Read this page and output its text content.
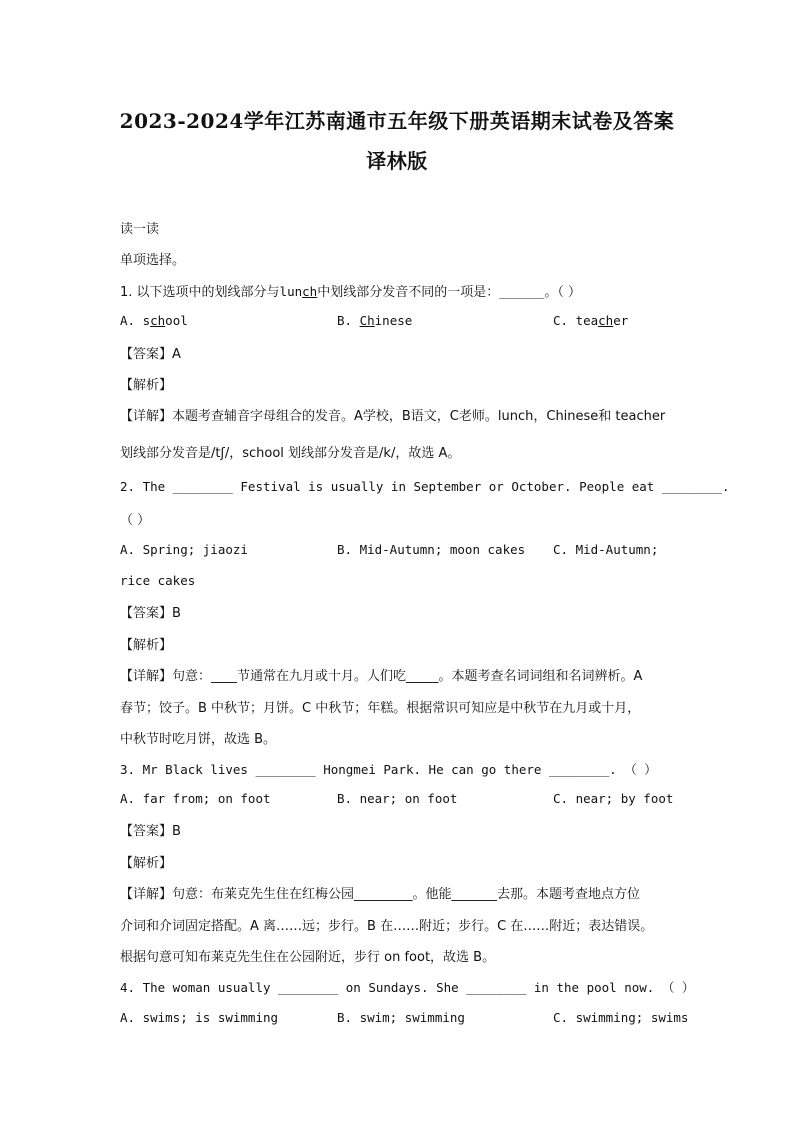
2023-2024学年江苏南通市五年级下册英语期末试卷及答案
译林版
读一读
单项选择。
1. 以下选项中的划线部分与lunch中划线部分发音不同的一项是：______。（ ）
A. school	B. Chinese	C. teacher
【答案】A
【解析】
【详解】本题考查辅音字母组合的发音。A学校，B语文，C老师。lunch，Chinese和 teacher
划线部分发音是/tʃ/，school 划线部分发音是/k/，故选 A。
2. The ________ Festival is usually in September or October. People eat ________.
（ ）
A. Spring; jiaozi	B. Mid-Autumn; moon cakes C. Mid-Autumn;
rice cakes
【答案】B
【解析】
【详解】句意：____节通常在九月或十月。人们吃_____。本题考查名词词组和名词辨析。A
春节；饺子。B 中秋节；月饼。C 中秋节；年糕。根据常识可知应是中秋节在九月或十月，
中秋节时吃月饼，故选 B。
3. Mr Black lives ________ Hongmei Park. He can go there ________. （ ）
A. far from; on foot	B. near; on foot	C. near; by foot
【答案】B
【解析】
【详解】句意：布莱克先生住在红梅公园_________。他能_______去那。本题考查地点方位
介词和介词固定搭配。A 离……远；步行。B 在……附近；步行。C 在……附近；表达错误。
根据句意可知布莱克先生住在公园附近，步行 on foot，故选 B。
4. The woman usually ________ on Sundays. She ________ in the pool now. （ ）
A. swims; is swimming	B. swim; swimming	C. swimming; swims
